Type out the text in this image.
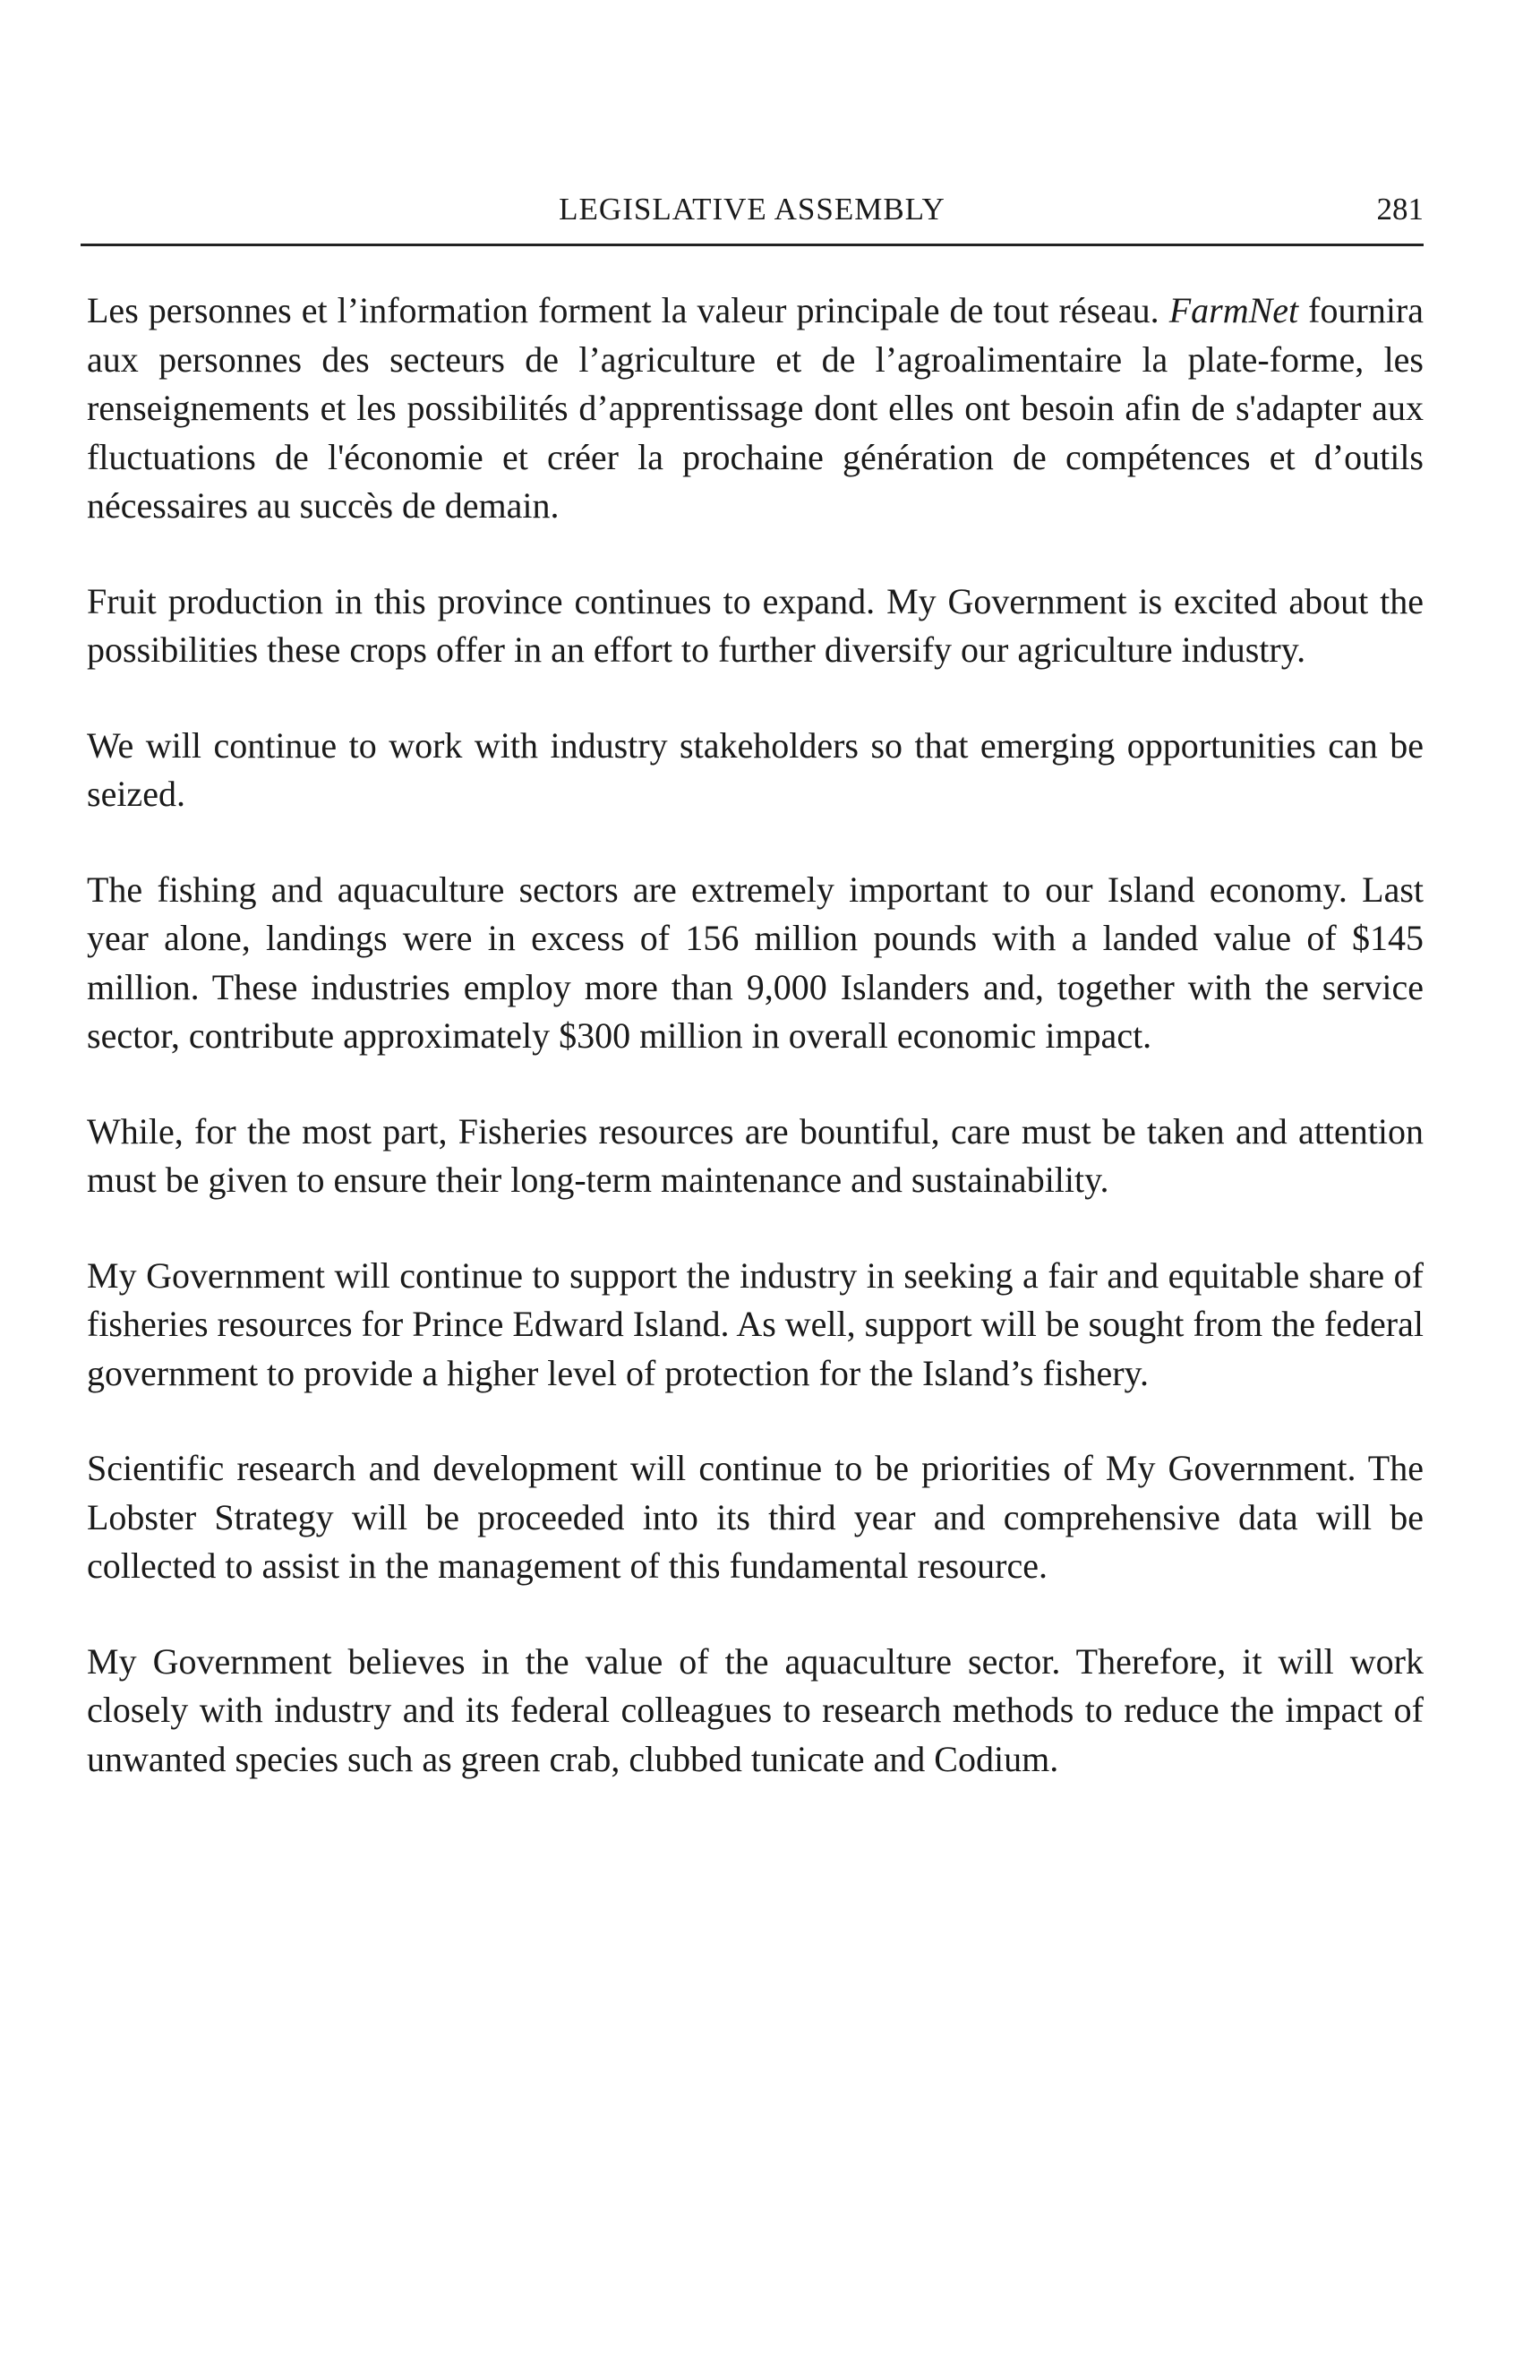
LEGISLATIVE ASSEMBLY	281

Les personnes et l’information forment la valeur principale de tout réseau. FarmNet fournira aux personnes des secteurs de l’agriculture et de l’agroalimentaire la plate-forme, les renseignements et les possibilités d’apprentissage dont elles ont besoin afin de s'adapter aux fluctuations de l'économie et créer la prochaine génération de compétences et d’outils nécessaires au succès de demain.

Fruit production in this province continues to expand. My Government is excited about the possibilities these crops offer in an effort to further diversify our agriculture industry.

We will continue to work with industry stakeholders so that emerging opportunities can be seized.

The fishing and aquaculture sectors are extremely important to our Island economy. Last year alone, landings were in excess of 156 million pounds with a landed value of $145 million. These industries employ more than 9,000 Islanders and, together with the service sector, contribute approximately $300 million in overall economic impact.

While, for the most part, Fisheries resources are bountiful, care must be taken and attention must be given to ensure their long-term maintenance and sustainability.

My Government will continue to support the industry in seeking a fair and equitable share of fisheries resources for Prince Edward Island. As well, support will be sought from the federal government to provide a higher level of protection for the Island’s fishery.

Scientific research and development will continue to be priorities of My Government. The Lobster Strategy will be proceeded into its third year and comprehensive data will be collected to assist in the management of this fundamental resource.

My Government believes in the value of the aquaculture sector. Therefore, it will work closely with industry and its federal colleagues to research methods to reduce the impact of unwanted species such as green crab, clubbed tunicate and Codium.
